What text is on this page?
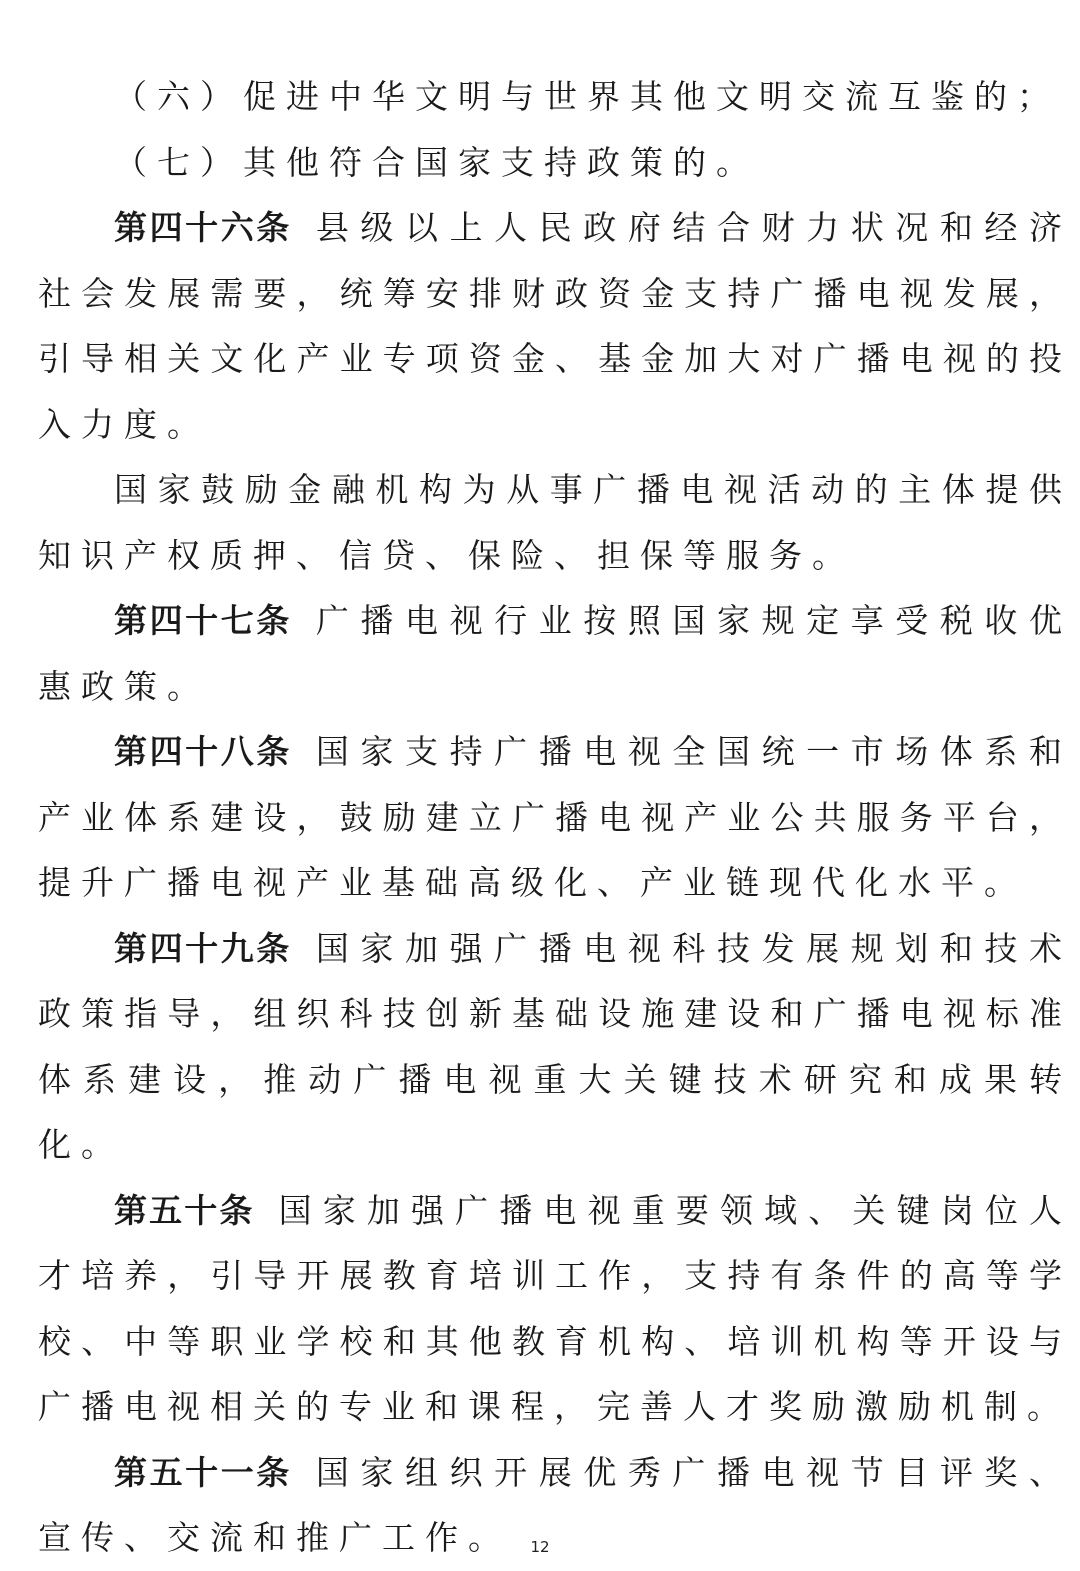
（六）促进中华文明与世界其他文明交流互鉴的；

（七）其他符合国家支持政策的。

第四十六条 县级以上人民政府结合财力状况和经济社会发展需要，统筹安排财政资金支持广播电视发展，引导相关文化产业专项资金、基金加大对广播电视的投入力度。

国家鼓励金融机构为从事广播电视活动的主体提供知识产权质押、信贷、保险、担保等服务。

第四十七条 广播电视行业按照国家规定享受税收优惠政策。

第四十八条 国家支持广播电视全国统一市场体系和产业体系建设，鼓励建立广播电视产业公共服务平台，提升广播电视产业基础高级化、产业链现代化水平。

第四十九条 国家加强广播电视科技发展规划和技术政策指导，组织科技创新基础设施建设和广播电视标准体系建设，推动广播电视重大关键技术研究和成果转化。

第五十条 国家加强广播电视重要领域、关键岗位人才培养，引导开展教育培训工作，支持有条件的高等学校、中等职业学校和其他教育机构、培训机构等开设与广播电视相关的专业和课程，完善人才奖励激励机制。

第五十一条 国家组织开展优秀广播电视节目评奖、宣传、交流和推广工作。	12
